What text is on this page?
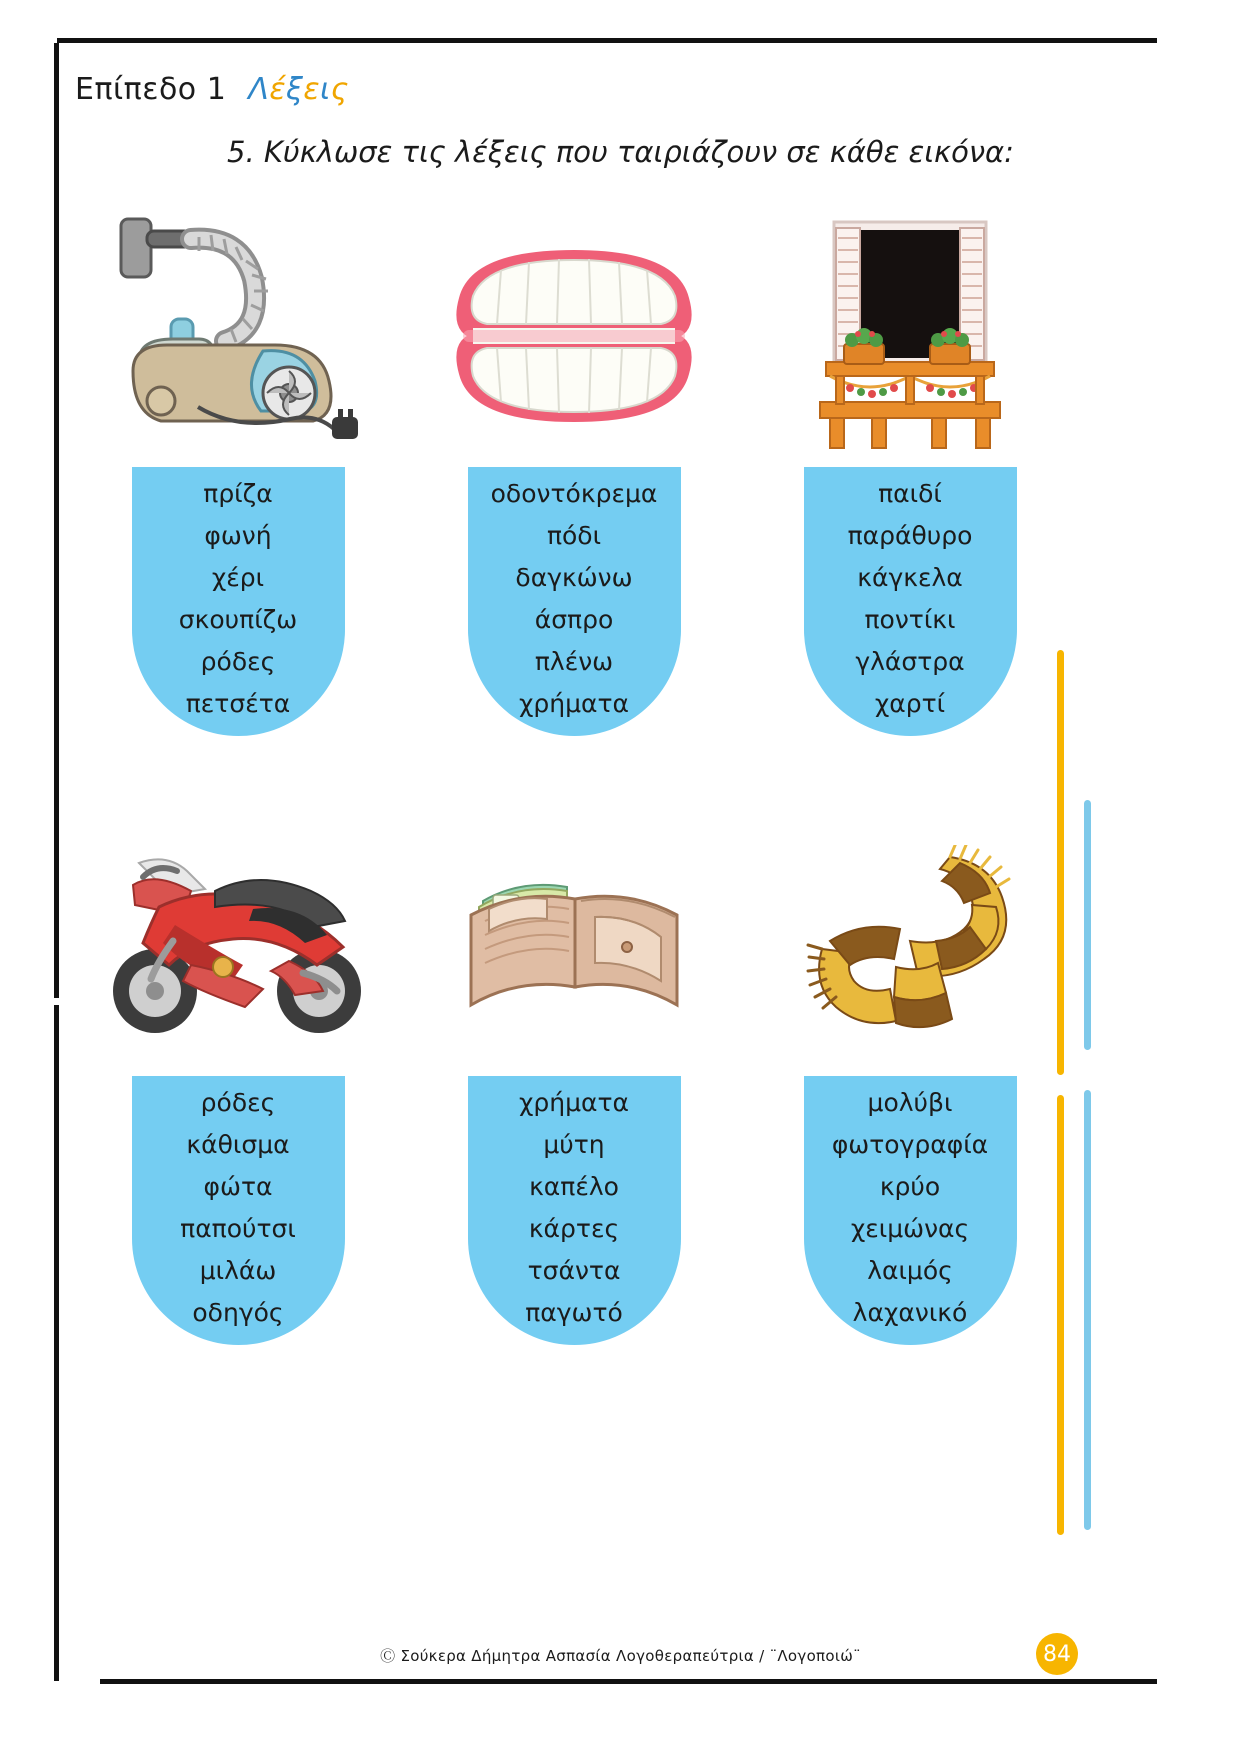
Επίπεδο 1 Λέξεις
5. Κύκλωσε τις λέξεις που ταιριάζουν σε κάθε εικόνα:
πρίζα
φωνή
χέρι
σκουπίζω
ρόδες
πετσέτα
οδοντόκρεμα
πόδι
δαγκώνω
άσπρο
πλένω
χρήματα
παιδί
παράθυρο
κάγκελα
ποντίκι
γλάστρα
χαρτί
ρόδες
κάθισμα
φώτα
παπούτσι
μιλάω
οδηγός
χρήματα
μύτη
καπέλο
κάρτες
τσάντα
παγωτό
μολύβι
φωτογραφία
κρύο
χειμώνας
λαιμός
λαχανικό
Ⓒ Σούκερα Δήμητρα Ασπασία Λογοθεραπεύτρια / ¨Λογοποιώ¨	84
